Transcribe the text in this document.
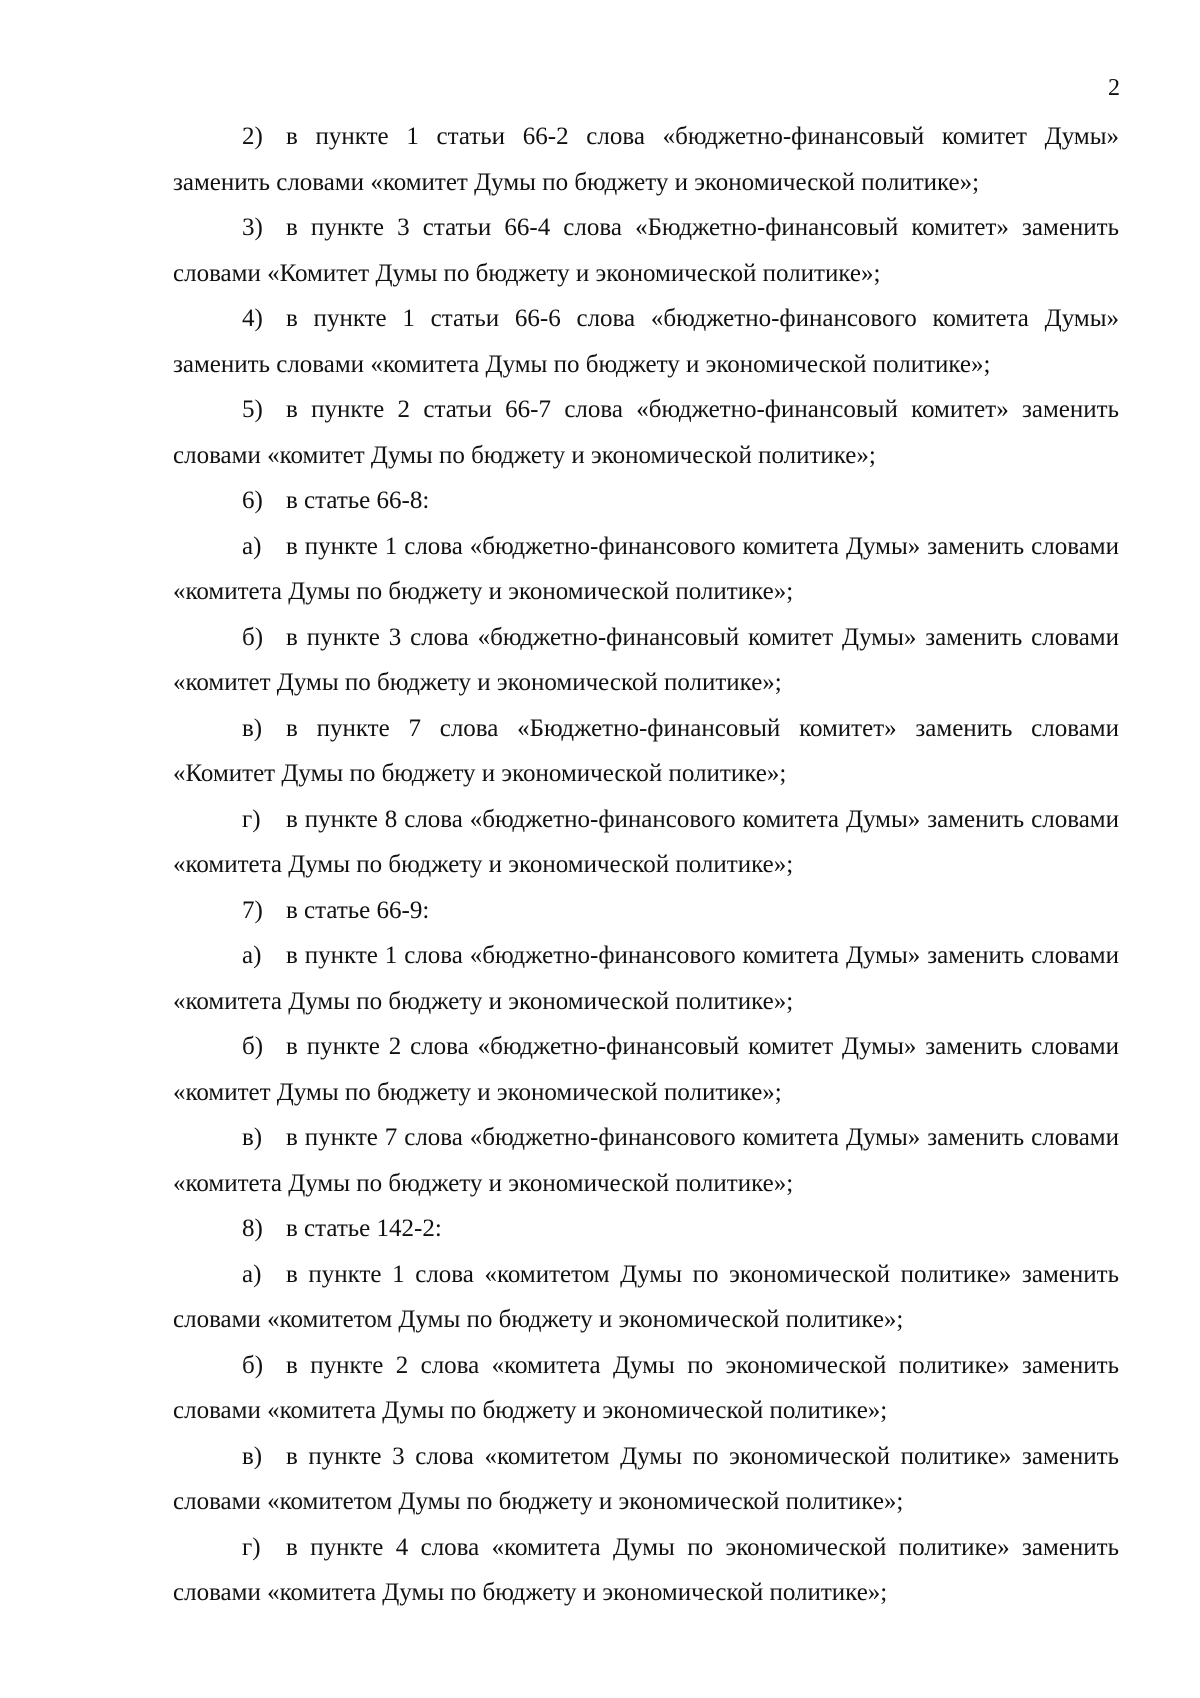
2

2) в пункте 1 статьи 66-2 слова «бюджетно-финансовый комитет Думы» заменить словами «комитет Думы по бюджету и экономической политике»;

3) в пункте 3 статьи 66-4 слова «Бюджетно-финансовый комитет» заменить словами «Комитет Думы по бюджету и экономической политике»;

4) в пункте 1 статьи 66-6 слова «бюджетно-финансового комитета Думы» заменить словами «комитета Думы по бюджету и экономической политике»;

5) в пункте 2 статьи 66-7 слова «бюджетно-финансовый комитет» заменить словами «комитет Думы по бюджету и экономической политике»;

6) в статье 66-8:

а) в пункте 1 слова «бюджетно-финансового комитета Думы» заменить словами «комитета Думы по бюджету и экономической политике»;

б) в пункте 3 слова «бюджетно-финансовый комитет Думы» заменить словами «комитет Думы по бюджету и экономической политике»;

в) в пункте 7 слова «Бюджетно-финансовый комитет» заменить словами «Комитет Думы по бюджету и экономической политике»;

г) в пункте 8 слова «бюджетно-финансового комитета Думы» заменить словами «комитета Думы по бюджету и экономической политике»;

7) в статье 66-9:

а) в пункте 1 слова «бюджетно-финансового комитета Думы» заменить словами «комитета Думы по бюджету и экономической политике»;

б) в пункте 2 слова «бюджетно-финансовый комитет Думы» заменить словами «комитет Думы по бюджету и экономической политике»;

в) в пункте 7 слова «бюджетно-финансового комитета Думы» заменить словами «комитета Думы по бюджету и экономической политике»;

8) в статье 142-2:

а) в пункте 1 слова «комитетом Думы по экономической политике» заменить словами «комитетом Думы по бюджету и экономической политике»;

б) в пункте 2 слова «комитета Думы по экономической политике» заменить словами «комитета Думы по бюджету и экономической политике»;

в) в пункте 3 слова «комитетом Думы по экономической политике» заменить словами «комитетом Думы по бюджету и экономической политике»;

г) в пункте 4 слова «комитета Думы по экономической политике» заменить словами «комитета Думы по бюджету и экономической политике»;
